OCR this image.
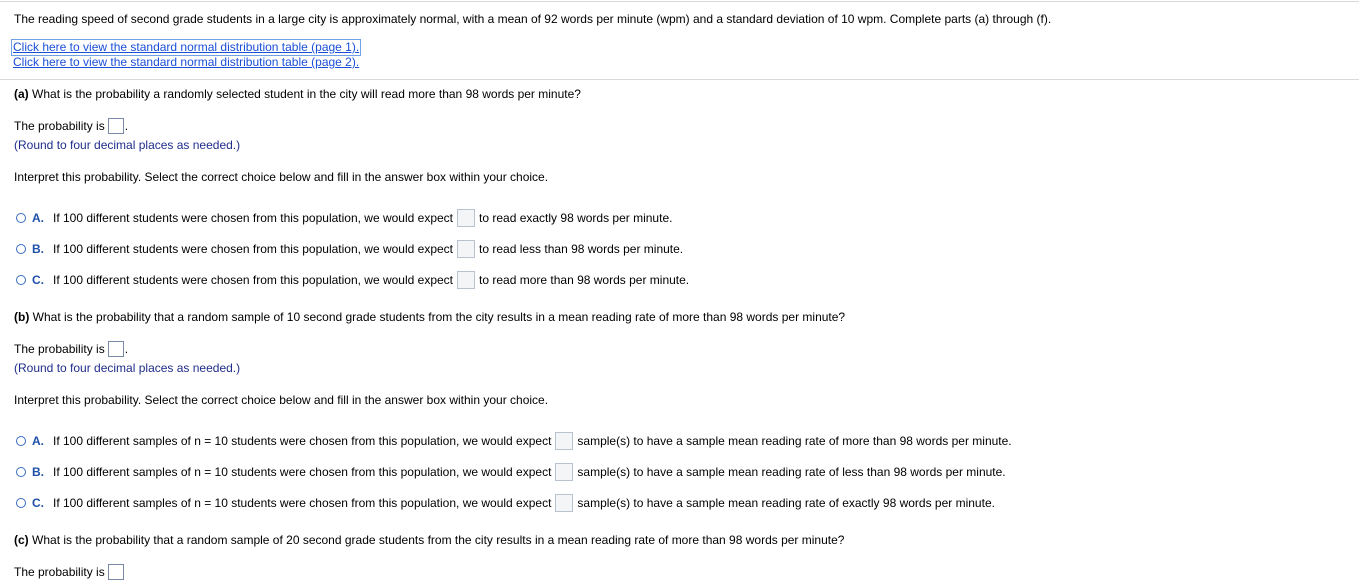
The reading speed of second grade students in a large city is approximately normal, with a mean of 92 words per minute (wpm) and a standard deviation of 10 wpm. Complete parts (a) through (f).
Click here to view the standard normal distribution table (page 1).
Click here to view the standard normal distribution table (page 2).
(a) What is the probability a randomly selected student in the city will read more than 98 words per minute?
The probability is .
(Round to four decimal places as needed.)
Interpret this probability. Select the correct choice below and fill in the answer box within your choice.
A. If 100 different students were chosen from this population, we would expect to read exactly 98 words per minute.
B. If 100 different students were chosen from this population, we would expect to read less than 98 words per minute.
C. If 100 different students were chosen from this population, we would expect to read more than 98 words per minute.
(b) What is the probability that a random sample of 10 second grade students from the city results in a mean reading rate of more than 98 words per minute?
The probability is .
(Round to four decimal places as needed.)
Interpret this probability. Select the correct choice below and fill in the answer box within your choice.
A. If 100 different samples of n = 10 students were chosen from this population, we would expect sample(s) to have a sample mean reading rate of more than 98 words per minute.
B. If 100 different samples of n = 10 students were chosen from this population, we would expect sample(s) to have a sample mean reading rate of less than 98 words per minute.
C. If 100 different samples of n = 10 students were chosen from this population, we would expect sample(s) to have a sample mean reading rate of exactly 98 words per minute.
(c) What is the probability that a random sample of 20 second grade students from the city results in a mean reading rate of more than 98 words per minute?
The probability is
